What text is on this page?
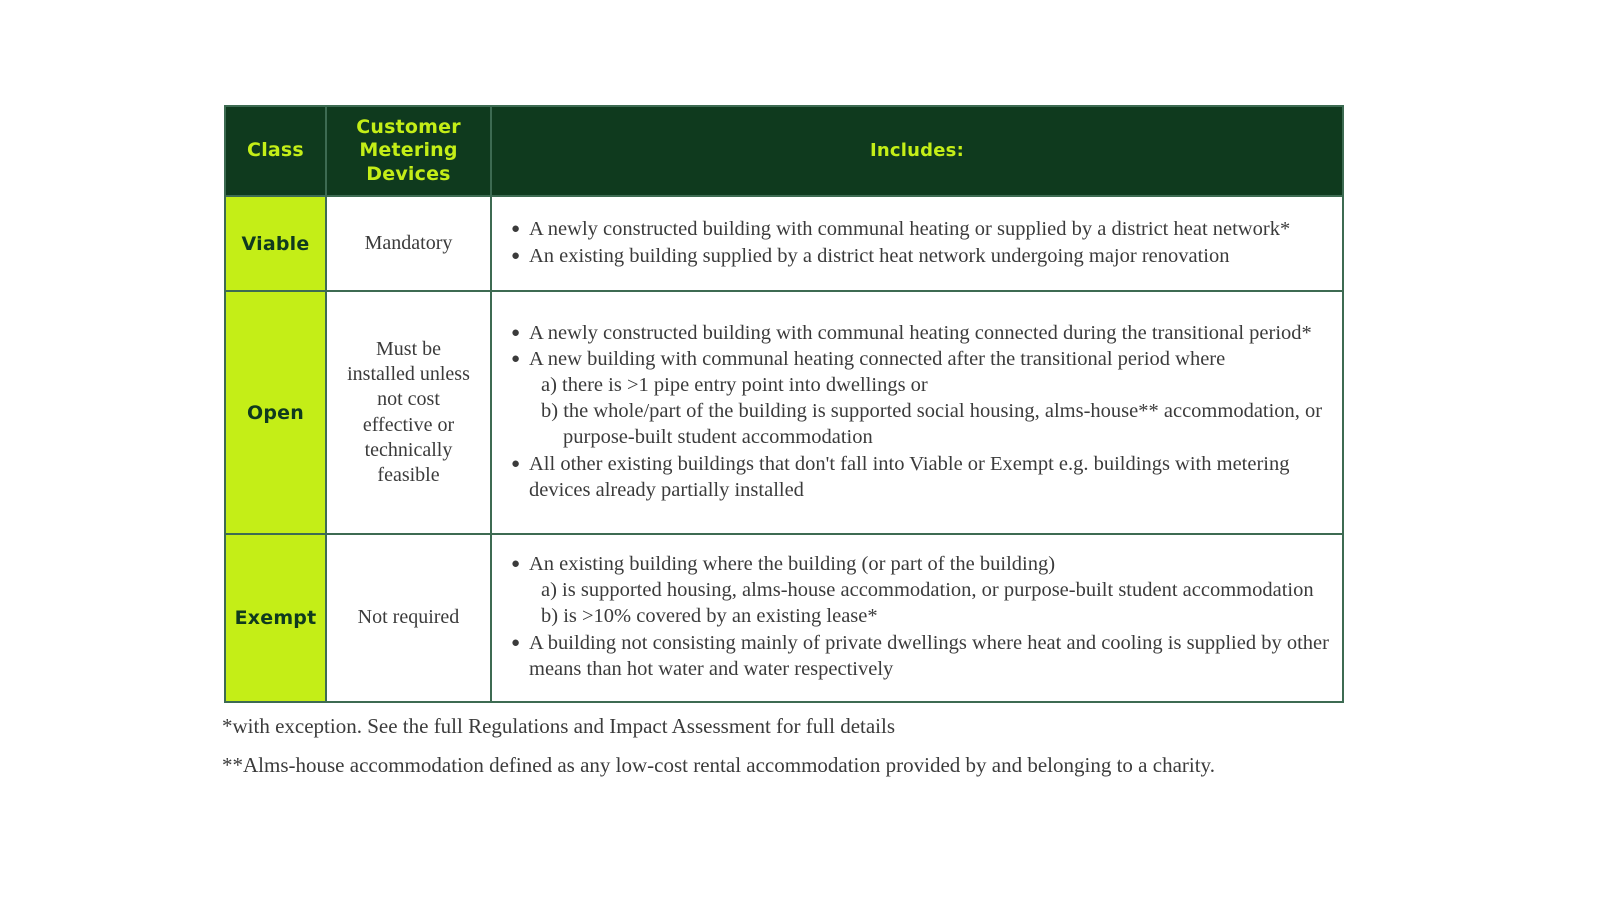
Class	Customer Metering Devices	Includes:
Viable	Mandatory	
● A newly constructed building with communal heating or supplied by a district heat network*
● An existing building supplied by a district heat network undergoing major renovation

Open	Must be installed unless not cost effective or technically feasible	
● A newly constructed building with communal heating connected during the transitional period*
● A new building with communal heating connected after the transitional period where
a) there is >1 pipe entry point into dwellings or
b) the whole/part of the building is supported social housing, alms-house** accommodation, or purpose-built student accommodation
● All other existing buildings that don't fall into Viable or Exempt e.g. buildings with metering devices already partially installed

Exempt	Not required	
● An existing building where the building (or part of the building)
a) is supported housing, alms-house accommodation, or purpose-built student accommodation
b) is >10% covered by an existing lease*
● A building not consisting mainly of private dwellings where heat and cooling is supplied by other means than hot water and water respectively
*with exception. See the full Regulations and Impact Assessment for full details
**Alms-house accommodation defined as any low-cost rental accommodation provided by and belonging to a charity.
